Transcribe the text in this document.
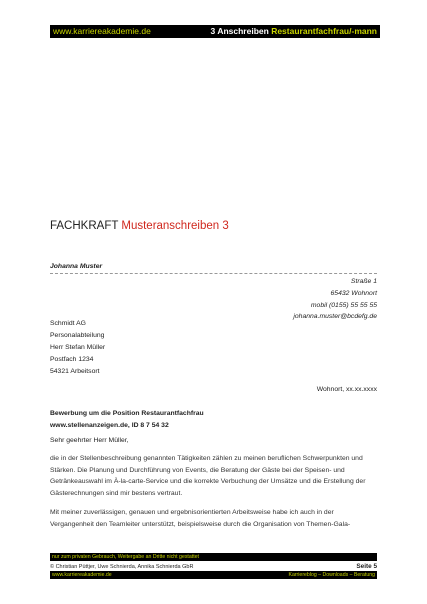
www.karriereakademie.de	3 Anschreiben Restaurantfachfrau/-mann
FACHKRAFT Musteranschreiben 3
Johanna Muster
Straße 1
65432 Wohnort
mobil (0155) 55 55 55
johanna.muster@bcdefg.de
Schmidt AG
Personalabteilung
Herr Stefan Müller
Postfach 1234
54321 Arbeitsort
Wohnort, xx.xx.xxxx
Bewerbung um die Position Restaurantfachfrau
www.stellenanzeigen.de, ID 8 7 54 32
Sehr geehrter Herr Müller,
die in der Stellenbeschreibung genannten Tätigkeiten zählen zu meinen beruflichen Schwerpunkten und Stärken. Die Planung und Durchführung von Events, die Beratung der Gäste bei der Speisen- und Getränkeauswahl im À-la-carte-Service und die korrekte Verbuchung der Umsätze und die Erstellung der Gästerechnungen sind mir bestens vertraut.
Mit meiner zuverlässigen, genauen und ergebnisorientierten Arbeitsweise habe ich auch in der Vergangenheit den Teamleiter unterstützt, beispielsweise durch die Organisation von Themen-Gala-
nur zum privaten Gebrauch, Weitergabe an Dritte nicht gestattet
© Christian Püttjer, Uwe Schnierda, Annika Schnierda GbR	Seite 5
www.karriereakademie.de	Karriereblog – Downloads – Beratung
